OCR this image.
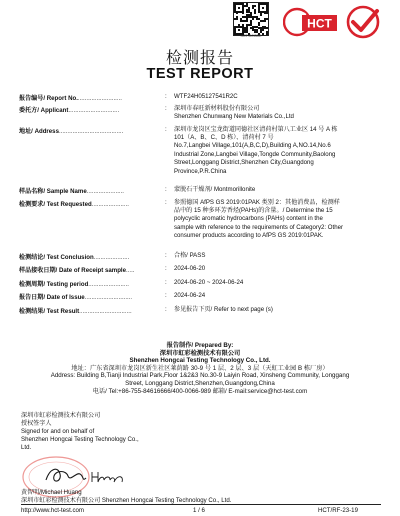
HCT-RCODE
HCT
检测报告
TEST REPORT
报告编号/ Report No...........................	: WTF24H05127541R2C
委托方/ Applicant..............................	: 深圳市春旺新材料股份有限公司
Shenzhen Chunwang New Materials Co.,Ltd
地址/ Address......................................	: 深圳市龙岗区宝龙街道同德社区清荷村第八工业区 14 号 A 栋
101（A、B、C、D 栋）、清荷村 7 号
No.7,Langbei Village,101(A,B,C,D),Building A,NO.14,No.6
Industrial Zone,Langbei Village,Tongde Community,Baolong
Street,Longgang District,Shenzhen City,Guangdong
Province,P.R.China
样品名称/ Sample Name......................	: 蒙脱石干燥剂/ Montmorillonite
检测要求/ Test Requested......................	: 参照德国 AfPS GS 2019:01PAK 类别 2：其他消费品，检测样
品中的 15 种多环芳香烃(PAHs)的含量。/ Determine the 15
polycyclic aromatic hydrocarbons (PAHs) content in the
sample with reference to the requirements of Category2: Other
consumer products according to AfPS GS 2019:01PAK.
检测结论/ Test Conclusion.....................	: 合格/ PASS
样品接收日期/ Date of Receipt sample.....	: 2024-06-20
检测周期/ Testing period........................	: 2024-06-20 ~ 2024-06-24
报告日期/ Date of Issue............................	: 2024-06-24
检测结果/ Test Result...............................	: 参见报告下页/ Refer to next page (s)
报告制作/ Prepared By:
深圳市虹彩检测技术有限公司
Shenzhen Hongcai Testing Technology Co., Ltd.
地址：广东省深圳市龙岗区新生社区莱荫路 30-9 号 1 层、2 层、3 层（天虹工业园 B 栋厂房）
Address: Building B,Tianji Industrial Park,Floor 1&2&3 No.30-9 Laiyin Road, Xinsheng Community, Longgang
Street, Longgang District,Shenzhen,Guangdong,China
电话/ Tel:+86-755-84616666/400-0066-989 邮箱/ E-mail:service@hct-test.com
深圳市虹彩检测技术有限公司
授权签字人
Signed for and on behalf of
Shenzhen Hongcai Testing Technology Co.,
Ltd.
黄智明/Michael Huang
深圳市虹彩检测技术有限公司 Shenzhen Hongcai Testing Technology Co., Ltd.
http://www.hct-test.com	1 / 6	HCT/RF-23-19
